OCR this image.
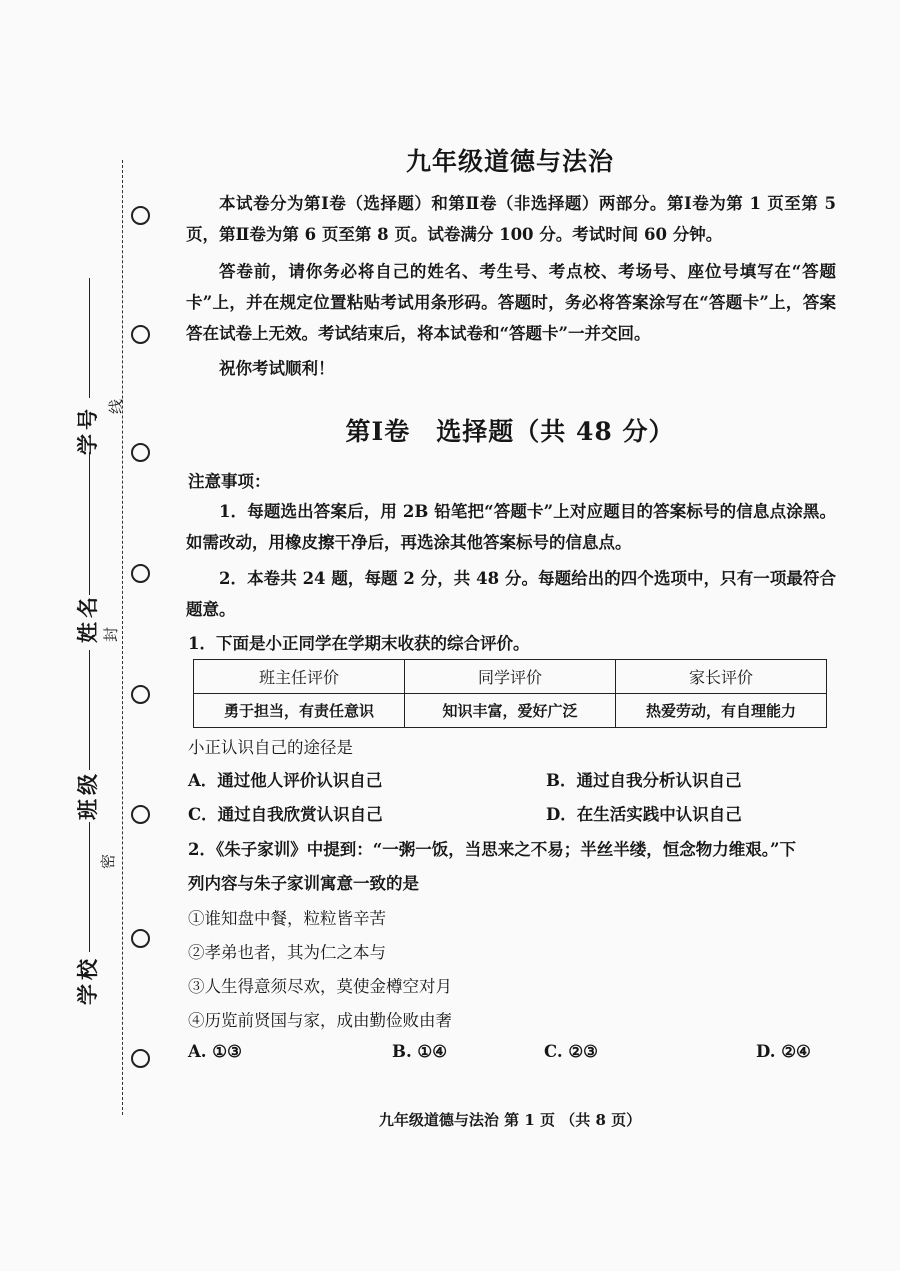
线
封
密
学号
姓名
班级
学校
九年级道德与法治
本试卷分为第Ⅰ卷（选择题）和第Ⅱ卷（非选择题）两部分。第Ⅰ卷为第 1 页至第 5 页，第Ⅱ卷为第 6 页至第 8 页。试卷满分 100 分。考试时间 60 分钟。
答卷前，请你务必将自己的姓名、考生号、考点校、考场号、座位号填写在“答题卡”上，并在规定位置粘贴考试用条形码。答题时，务必将答案涂写在“答题卡”上，答案答在试卷上无效。考试结束后，将本试卷和“答题卡”一并交回。
祝你考试顺利！
第Ⅰ卷　选择题（共 48 分）
注意事项：
1．每题选出答案后，用 2B 铅笔把“答题卡”上对应题目的答案标号的信息点涂黑。如需改动，用橡皮擦干净后，再选涂其他答案标号的信息点。
2．本卷共 24 题，每题 2 分，共 48 分。每题给出的四个选项中，只有一项最符合题意。
1．下面是小正同学在学期末收获的综合评价。
班主任评价	同学评价	家长评价
勇于担当，有责任意识	知识丰富，爱好广泛	热爱劳动，有自理能力
小正认识自己的途径是
A．通过他人评价认识自己	B．通过自我分析认识自己
C．通过自我欣赏认识自己	D．在生活实践中认识自己
2．《朱子家训》中提到：“一粥一饭，当思来之不易；半丝半缕，恒念物力维艰。”下
列内容与朱子家训寓意一致的是
①谁知盘中餐，粒粒皆辛苦
②孝弟也者，其为仁之本与
③人生得意须尽欢，莫使金樽空对月
④历览前贤国与家，成由勤俭败由奢
A. ①③	B. ①④	C. ②③	D. ②④
九年级道德与法治 第 1 页 （共 8 页）
